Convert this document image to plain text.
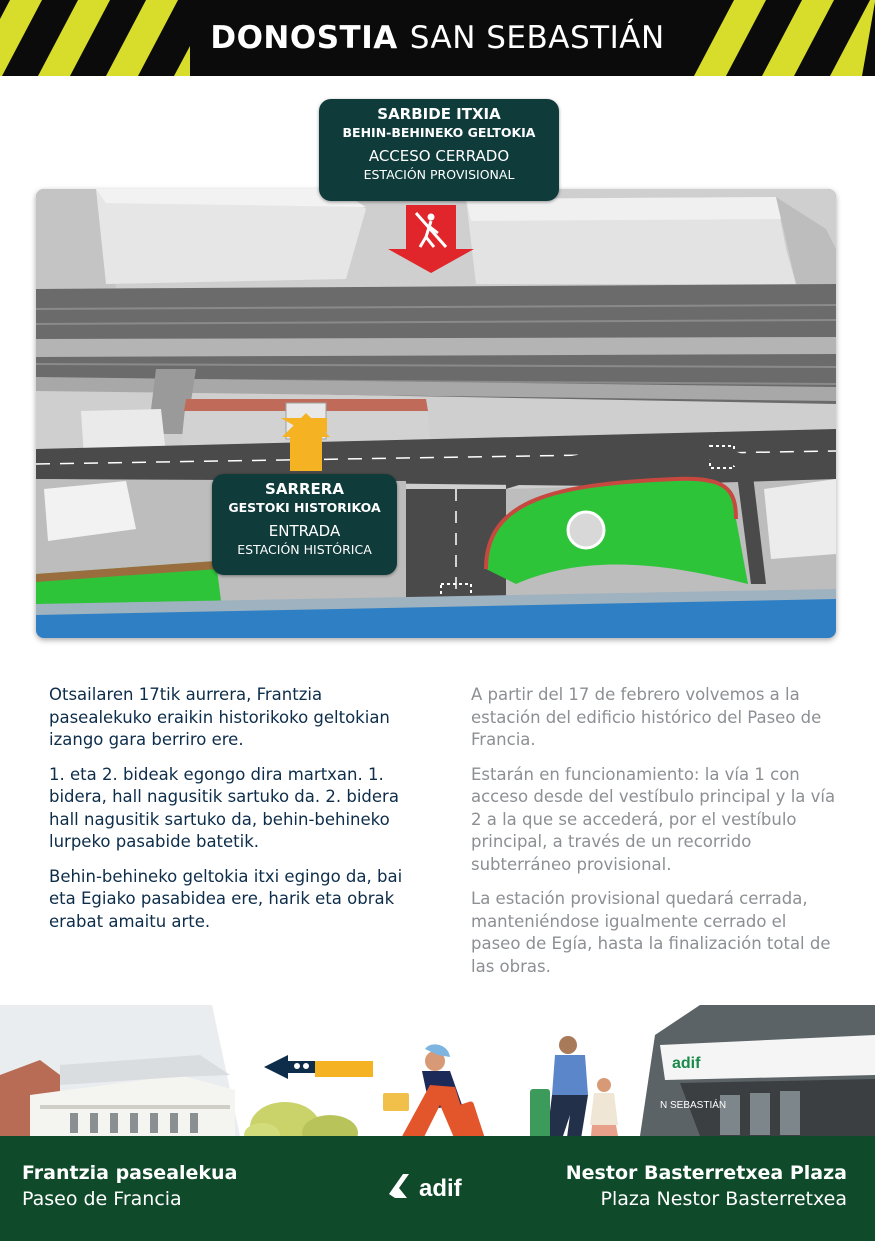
DONOSTIA SAN SEBASTIÁN
SARBIDE ITXIA
BEHIN-BEHINEKO GELTOKIA
ACCESO CERRADO
ESTACIÓN PROVISIONAL
SARRERA
GESTOKI HISTORIKOA
ENTRADA
ESTACIÓN HISTÓRICA

Otsailaren 17tik aurrera, Frantzia pasealekuko eraikin historikoko geltokian izango gara berriro ere.

1. eta 2. bideak egongo dira martxan. 1. bidera, hall nagusitik sartuko da. 2. bidera hall nagusitik sartuko da, behin-behineko lurpeko pasabide batetik.

Behin-behineko geltokia itxi egingo da, bai eta Egiako pasabidea ere, harik eta obrak erabat amaitu arte.

A partir del 17 de febrero volvemos a la estación del edificio histórico del Paseo de Francia.

Estarán en funcionamiento: la vía 1 con acceso desde del vestíbulo principal y la vía 2 a la que se accederá, por el vestíbulo principal, a través de un recorrido subterráneo provisional.

La estación provisional quedará cerrada, manteniéndose igualmente cerrado el paseo de Egía, hasta la finalización total de las obras.

adif
N SEBASTIÁN
Frantzia pasealekua
Paseo de Francia
Nestor Basterretxea Plaza
Plaza Nestor Basterretxea
adif
